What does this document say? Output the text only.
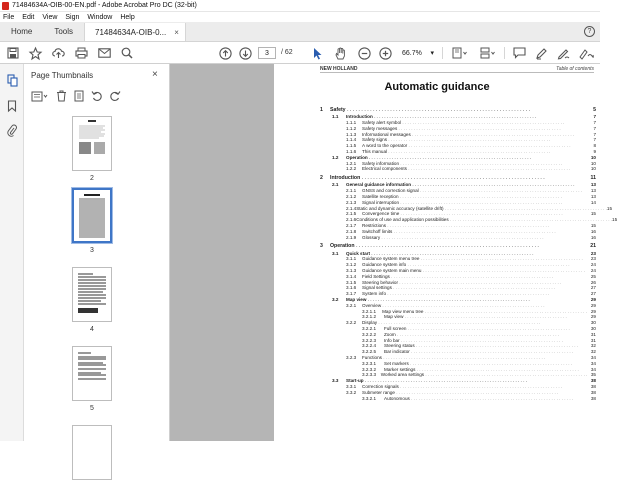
71484634A-OIB-00-EN.pdf - Adobe Acrobat Pro DC (32-bit)
File	Edit	View	Sign	Window	Help
Home	Tools	71484634A-OIB-0... ×	?
3	/ 62	66.7% ▾
Page Thumbnails	×
2
3
4
5
NEW HOLLAND	Table of contents
Automatic guidance
1	Safety . . . . . . . . . . . . . . . . . . . . . . . . . . . . . . . . . . . . . . . . . . . . . . . . . . . . . . . . . . . . . . . .	5
1.1	Introduction . . . . . . . . . . . . . . . . . . . . . . . . . . . . . . . . . . . . . . . . . . . . . . . . . . . . . . . . . . . . . . . .	7
1.1.1	Safety alert symbol . . . . . . . . . . . . . . . . . . . . . . . . . . . . . . . . . . . . . . . . . . . . . . . . . . . . . . . . . . . . . . . .	7
1.1.2	Safety messages . . . . . . . . . . . . . . . . . . . . . . . . . . . . . . . . . . . . . . . . . . . . . . . . . . . . . . . . . . . . . . . .	7
1.1.3	Informational messages . . . . . . . . . . . . . . . . . . . . . . . . . . . . . . . . . . . . . . . . . . . . . . . . . . . . . . . . . . . . . . . .	7
1.1.4	Safety signs . . . . . . . . . . . . . . . . . . . . . . . . . . . . . . . . . . . . . . . . . . . . . . . . . . . . . . . . . . . . . . . .	7
1.1.5	A word to the operator . . . . . . . . . . . . . . . . . . . . . . . . . . . . . . . . . . . . . . . . . . . . . . . . . . . . . . . . . . . . . . . .	8
1.1.6	This manual . . . . . . . . . . . . . . . . . . . . . . . . . . . . . . . . . . . . . . . . . . . . . . . . . . . . . . . . . . . . . . . .	9
1.2	Operation . . . . . . . . . . . . . . . . . . . . . . . . . . . . . . . . . . . . . . . . . . . . . . . . . . . . . . . . . . . . . . . .	10
1.2.1	Safety information . . . . . . . . . . . . . . . . . . . . . . . . . . . . . . . . . . . . . . . . . . . . . . . . . . . . . . . . . . . . . . . .	10
1.2.2	Electrical components . . . . . . . . . . . . . . . . . . . . . . . . . . . . . . . . . . . . . . . . . . . . . . . . . . . . . . . . . . . . . . . .	10
2	Introduction . . . . . . . . . . . . . . . . . . . . . . . . . . . . . . . . . . . . . . . . . . . . . . . . . . . . . . . . . . . . . . . .	11
2.1	General guidance information . . . . . . . . . . . . . . . . . . . . . . . . . . . . . . . . . . . . . . . . . . . . . . . . . . . . . . . . . . . . . . . .	13
2.1.1	GNSS and correction signal . . . . . . . . . . . . . . . . . . . . . . . . . . . . . . . . . . . . . . . . . . . . . . . . . . . . . . . . . . . . . . . .	13
2.1.2	Satellite reception . . . . . . . . . . . . . . . . . . . . . . . . . . . . . . . . . . . . . . . . . . . . . . . . . . . . . . . . . . . . . . . .	13
2.1.3	Signal interruption . . . . . . . . . . . . . . . . . . . . . . . . . . . . . . . . . . . . . . . . . . . . . . . . . . . . . . . . . . . . . . . .	14
2.1.4 Static and dynamic accuracy (satellite drift) . . . . . . . . . . . . . . . . . . . . . . . . . . . . . . . . . . . . . . . . . . . . . . . . . . . . . . . . . . . . . . . . 15
2.1.5	Convergence time . . . . . . . . . . . . . . . . . . . . . . . . . . . . . . . . . . . . . . . . . . . . . . . . . . . . . . . . . . . . . . . .	15
2.1.6 Conditions of use and application possibilities . . . . . . . . . . . . . . . . . . . . . . . . . . . . . . . . . . . . . . . . . . . . . . . . . . . . . . . . . . . . . . . . 15
2.1.7	Restrictions . . . . . . . . . . . . . . . . . . . . . . . . . . . . . . . . . . . . . . . . . . . . . . . . . . . . . . . . . . . . . . . .	15
2.1.8	Switchoff limits . . . . . . . . . . . . . . . . . . . . . . . . . . . . . . . . . . . . . . . . . . . . . . . . . . . . . . . . . . . . . . . .	16
2.1.9	Glossary . . . . . . . . . . . . . . . . . . . . . . . . . . . . . . . . . . . . . . . . . . . . . . . . . . . . . . . . . . . . . . . .	16
3	Operation . . . . . . . . . . . . . . . . . . . . . . . . . . . . . . . . . . . . . . . . . . . . . . . . . . . . . . . . . . . . . . . .	21
3.1	Quick start . . . . . . . . . . . . . . . . . . . . . . . . . . . . . . . . . . . . . . . . . . . . . . . . . . . . . . . . . . . . . . . .	23
3.1.1	Guidance system menu tree . . . . . . . . . . . . . . . . . . . . . . . . . . . . . . . . . . . . . . . . . . . . . . . . . . . . . . . . . . . . . . . .	23
3.1.2	Guidance system info . . . . . . . . . . . . . . . . . . . . . . . . . . . . . . . . . . . . . . . . . . . . . . . . . . . . . . . . . . . . . . . .	24
3.1.3	Guidance system main menu . . . . . . . . . . . . . . . . . . . . . . . . . . . . . . . . . . . . . . . . . . . . . . . . . . . . . . . . . . . . . . . .	24
3.1.4	Field Settings . . . . . . . . . . . . . . . . . . . . . . . . . . . . . . . . . . . . . . . . . . . . . . . . . . . . . . . . . . . . . . . .	25
3.1.5	Steering behavior . . . . . . . . . . . . . . . . . . . . . . . . . . . . . . . . . . . . . . . . . . . . . . . . . . . . . . . . . . . . . . . .	26
3.1.6	Signal settings . . . . . . . . . . . . . . . . . . . . . . . . . . . . . . . . . . . . . . . . . . . . . . . . . . . . . . . . . . . . . . . .	27
3.1.7	System info . . . . . . . . . . . . . . . . . . . . . . . . . . . . . . . . . . . . . . . . . . . . . . . . . . . . . . . . . . . . . . . .	27
3.2	Map view . . . . . . . . . . . . . . . . . . . . . . . . . . . . . . . . . . . . . . . . . . . . . . . . . . . . . . . . . . . . . . . .	29
3.2.1	Overview . . . . . . . . . . . . . . . . . . . . . . . . . . . . . . . . . . . . . . . . . . . . . . . . . . . . . . . . . . . . . . . .	29
3.2.1.1	Map view menu tree . . . . . . . . . . . . . . . . . . . . . . . . . . . . . . . . . . . . . . . . . . . . . . . . . . . . . . . . . . . . . . . . 29
3.2.1.2	Map view . . . . . . . . . . . . . . . . . . . . . . . . . . . . . . . . . . . . . . . . . . . . . . . . . . . . . . . . . . . . . . . .	29
3.2.2	Display . . . . . . . . . . . . . . . . . . . . . . . . . . . . . . . . . . . . . . . . . . . . . . . . . . . . . . . . . . . . . . . .	30
3.2.2.1	Full screen . . . . . . . . . . . . . . . . . . . . . . . . . . . . . . . . . . . . . . . . . . . . . . . . . . . . . . . . . . . . . . . .	30
3.2.2.2	Zoom . . . . . . . . . . . . . . . . . . . . . . . . . . . . . . . . . . . . . . . . . . . . . . . . . . . . . . . . . . . . . . . .	31
3.2.2.3	Info bar . . . . . . . . . . . . . . . . . . . . . . . . . . . . . . . . . . . . . . . . . . . . . . . . . . . . . . . . . . . . . . . .	31
3.2.2.4	Steering status . . . . . . . . . . . . . . . . . . . . . . . . . . . . . . . . . . . . . . . . . . . . . . . . . . . . . . . . . . . . . . . .	32
3.2.2.5	Bar indicator . . . . . . . . . . . . . . . . . . . . . . . . . . . . . . . . . . . . . . . . . . . . . . . . . . . . . . . . . . . . . . . .	32
3.2.3	Functions . . . . . . . . . . . . . . . . . . . . . . . . . . . . . . . . . . . . . . . . . . . . . . . . . . . . . . . . . . . . . . . .	34
3.2.3.1	Set markers . . . . . . . . . . . . . . . . . . . . . . . . . . . . . . . . . . . . . . . . . . . . . . . . . . . . . . . . . . . . . . . .	34
3.2.3.2	Marker settings . . . . . . . . . . . . . . . . . . . . . . . . . . . . . . . . . . . . . . . . . . . . . . . . . . . . . . . . . . . . . . . .	34
3.2.3.3	Worked area settings . . . . . . . . . . . . . . . . . . . . . . . . . . . . . . . . . . . . . . . . . . . . . . . . . . . . . . . . . . . . . . . . 35
3.3	Start-up . . . . . . . . . . . . . . . . . . . . . . . . . . . . . . . . . . . . . . . . . . . . . . . . . . . . . . . . . . . . . . . .	38
3.3.1	Correction signals . . . . . . . . . . . . . . . . . . . . . . . . . . . . . . . . . . . . . . . . . . . . . . . . . . . . . . . . . . . . . . . .	38
3.3.2	Submeter range . . . . . . . . . . . . . . . . . . . . . . . . . . . . . . . . . . . . . . . . . . . . . . . . . . . . . . . . . . . . . . . .	38
3.3.2.1	Autonomous . . . . . . . . . . . . . . . . . . . . . . . . . . . . . . . . . . . . . . . . . . . . . . . . . . . . . . . . . . . . . . . .	38
